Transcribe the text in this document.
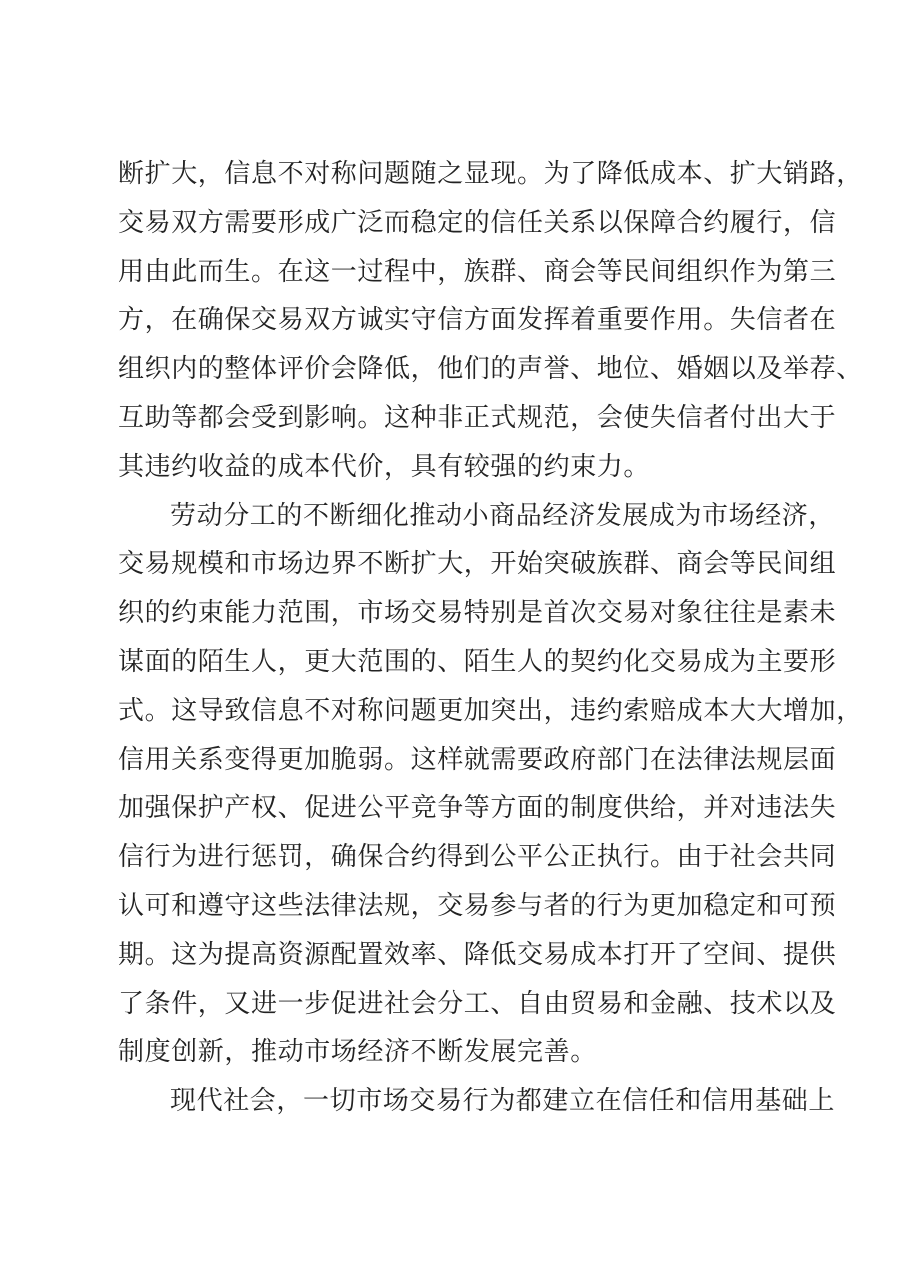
断扩大，信息不对称问题随之显现。为了降低成本、扩大销路，
交易双方需要形成广泛而稳定的信任关系以保障合约履行，信
用由此而生。在这一过程中，族群、商会等民间组织作为第三
方，在确保交易双方诚实守信方面发挥着重要作用。失信者在
组织内的整体评价会降低，他们的声誉、地位、婚姻以及举荐、
互助等都会受到影响。这种非正式规范，会使失信者付出大于
其违约收益的成本代价，具有较强的约束力。
劳动分工的不断细化推动小商品经济发展成为市场经济，
交易规模和市场边界不断扩大，开始突破族群、商会等民间组
织的约束能力范围，市场交易特别是首次交易对象往往是素未
谋面的陌生人，更大范围的、陌生人的契约化交易成为主要形
式。这导致信息不对称问题更加突出，违约索赔成本大大增加，
信用关系变得更加脆弱。这样就需要政府部门在法律法规层面
加强保护产权、促进公平竞争等方面的制度供给，并对违法失
信行为进行惩罚，确保合约得到公平公正执行。由于社会共同
认可和遵守这些法律法规，交易参与者的行为更加稳定和可预
期。这为提高资源配置效率、降低交易成本打开了空间、提供
了条件，又进一步促进社会分工、自由贸易和金融、技术以及
制度创新，推动市场经济不断发展完善。
现代社会，一切市场交易行为都建立在信任和信用基础上
